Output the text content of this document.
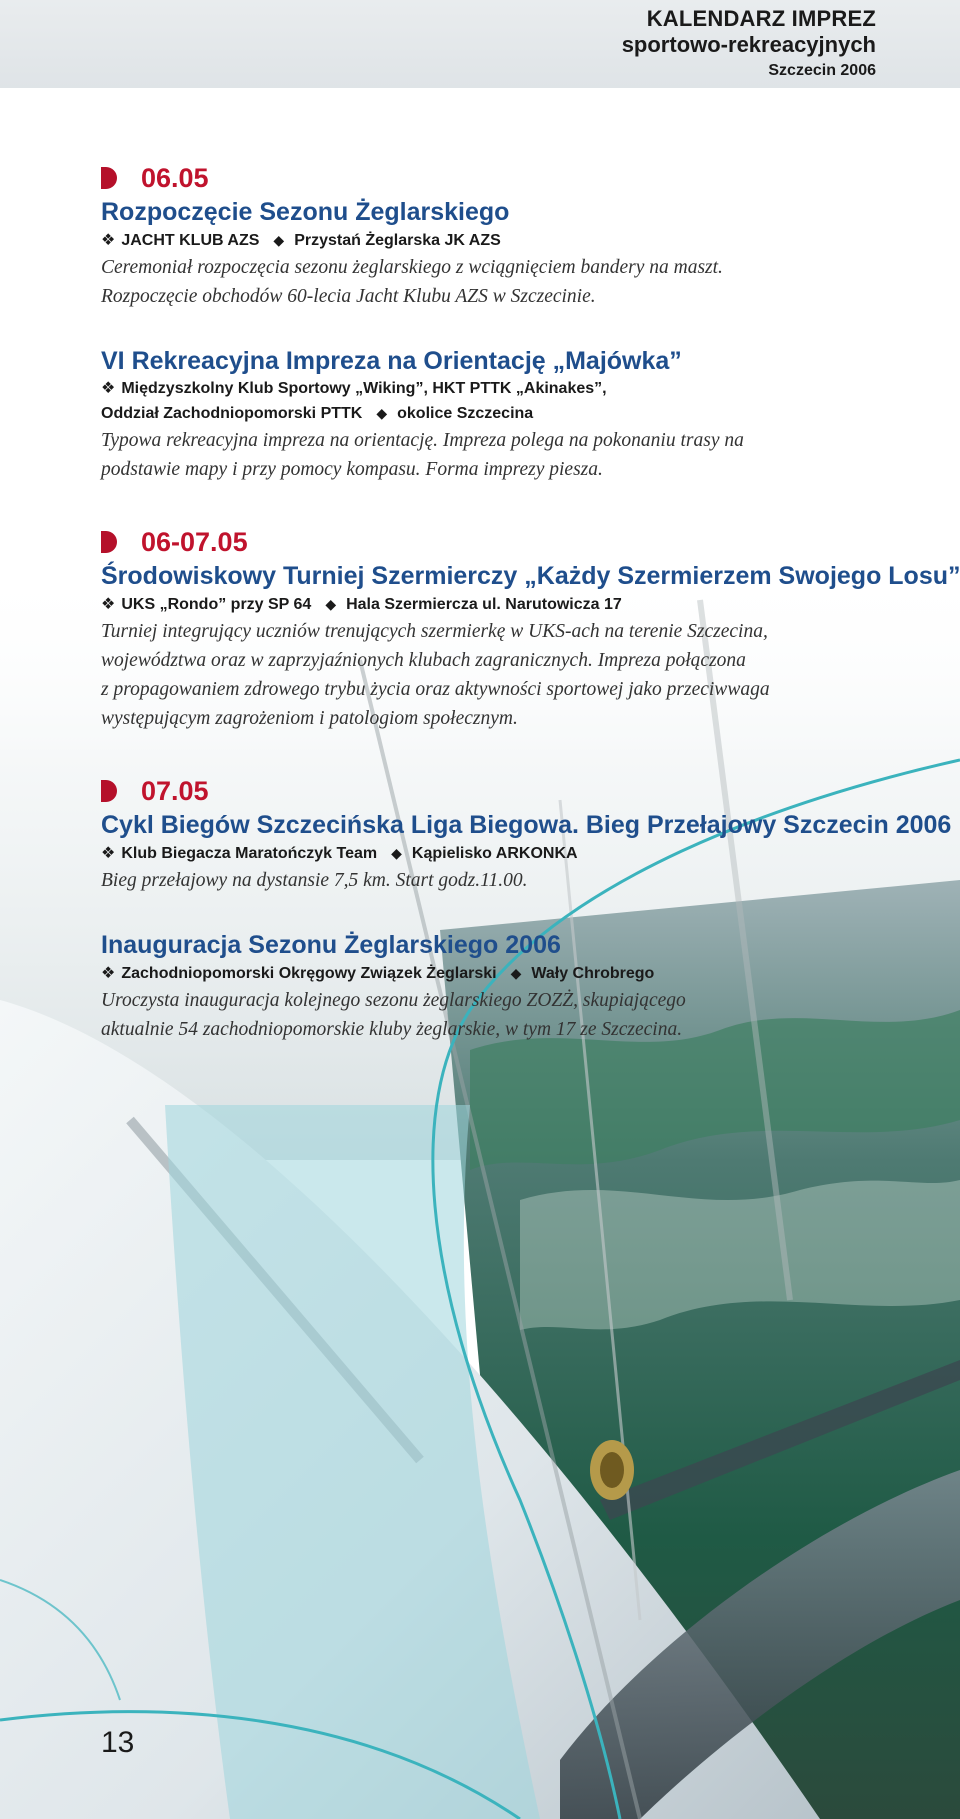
KALENDARZ IMPREZ
sportowo-rekreacyjnych
Szczecin 2006
06.05
Rozpoczęcie Sezonu Żeglarskiego
❖ JACHT KLUB AZS ◆ Przystań Żeglarska JK AZS
Ceremoniał rozpoczęcia sezonu żeglarskiego z wciągnięciem bandery na maszt.
Rozpoczęcie obchodów 60-lecia Jacht Klubu AZS w Szczecinie.
VI Rekreacyjna Impreza na Orientację „Majówka”
❖ Międzyszkolny Klub Sportowy „Wiking”, HKT PTTK „Akinakes”,
Oddział Zachodniopomorski PTTK ◆ okolice Szczecina
Typowa rekreacyjna impreza na orientację. Impreza polega na pokonaniu trasy na
podstawie mapy i przy pomocy kompasu. Forma imprezy piesza.
06-07.05
Środowiskowy Turniej Szermierczy „Każdy Szermierzem Swojego Losu”
❖ UKS „Rondo” przy SP 64 ◆ Hala Szermiercza ul. Narutowicza 17
Turniej integrujący uczniów trenujących szermierkę w UKS-ach na terenie Szczecina,
województwa oraz w zaprzyjaźnionych klubach zagranicznych. Impreza połączona
z propagowaniem zdrowego trybu życia oraz aktywności sportowej jako przeciwwaga
występującym zagrożeniom i patologiom społecznym.
07.05
Cykl Biegów Szczecińska Liga Biegowa. Bieg Przełajowy Szczecin 2006
❖ Klub Biegacza Maratończyk Team ◆ Kąpielisko ARKONKA
Bieg przełajowy na dystansie 7,5 km. Start godz.11.00.
Inauguracja Sezonu Żeglarskiego 2006
❖ Zachodniopomorski Okręgowy Związek Żeglarski ◆ Wały Chrobrego
Uroczysta inauguracja kolejnego sezonu żeglarskiego ZOZŻ, skupiającego
aktualnie 54 zachodniopomorskie kluby żeglarskie, w tym 17 ze Szczecina.
13
